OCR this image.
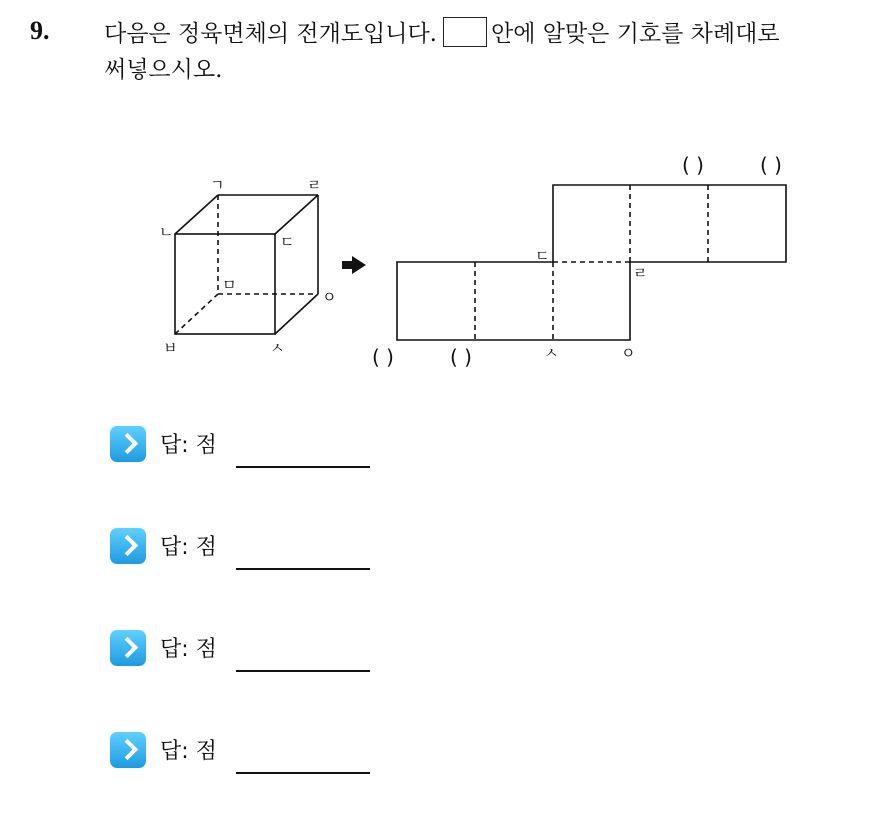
9. 다음은 정육면체의 전개도입니다. 안에 알맞은 기호를 차례대로
써넣으시오.
ㄱ	ㄹ
ㄴ
ㄷ
ㅁ
ㅇ
ㅂ	ㅅ
( )	( )
ㄷ
ㄹ
( )	( )	ㅅ	ㅇ
답: 점
답: 점
답: 점
답: 점
